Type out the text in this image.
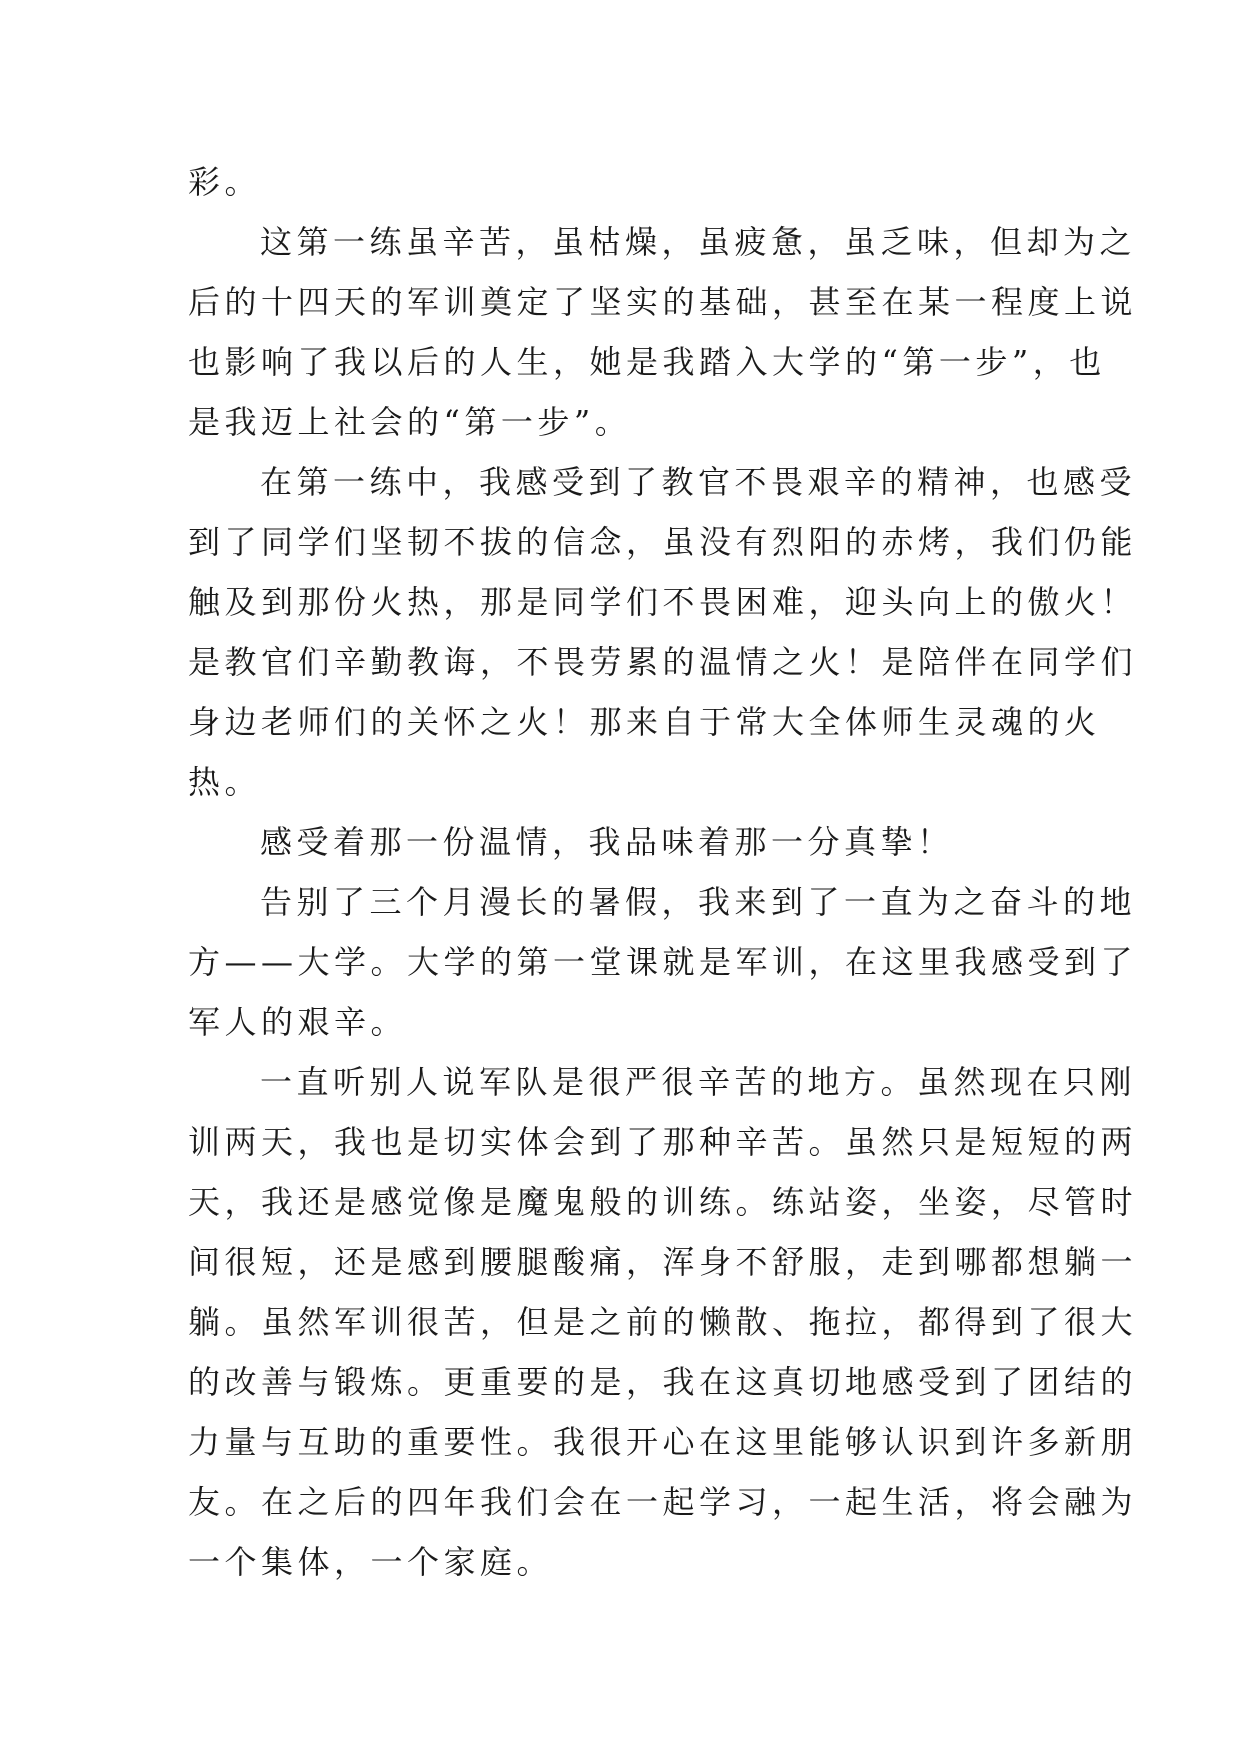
彩。
这第一练虽辛苦，虽枯燥，虽疲惫，虽乏味，但却为之
后的十四天的军训奠定了坚实的基础，甚至在某一程度上说
也影响了我以后的人生，她是我踏入大学的“第一步”，也
是我迈上社会的“第一步”。
在第一练中，我感受到了教官不畏艰辛的精神，也感受
到了同学们坚韧不拔的信念，虽没有烈阳的赤烤，我们仍能
触及到那份火热，那是同学们不畏困难，迎头向上的傲火！
是教官们辛勤教诲，不畏劳累的温情之火！是陪伴在同学们
身边老师们的关怀之火！那来自于常大全体师生灵魂的火
热。
感受着那一份温情，我品味着那一分真挚！
告别了三个月漫长的暑假，我来到了一直为之奋斗的地
方——大学。大学的第一堂课就是军训，在这里我感受到了
军人的艰辛。
一直听别人说军队是很严很辛苦的地方。虽然现在只刚
训两天，我也是切实体会到了那种辛苦。虽然只是短短的两
天，我还是感觉像是魔鬼般的训练。练站姿，坐姿，尽管时
间很短，还是感到腰腿酸痛，浑身不舒服，走到哪都想躺一
躺。虽然军训很苦，但是之前的懒散、拖拉，都得到了很大
的改善与锻炼。更重要的是，我在这真切地感受到了团结的
力量与互助的重要性。我很开心在这里能够认识到许多新朋
友。在之后的四年我们会在一起学习，一起生活，将会融为
一个集体，一个家庭。
